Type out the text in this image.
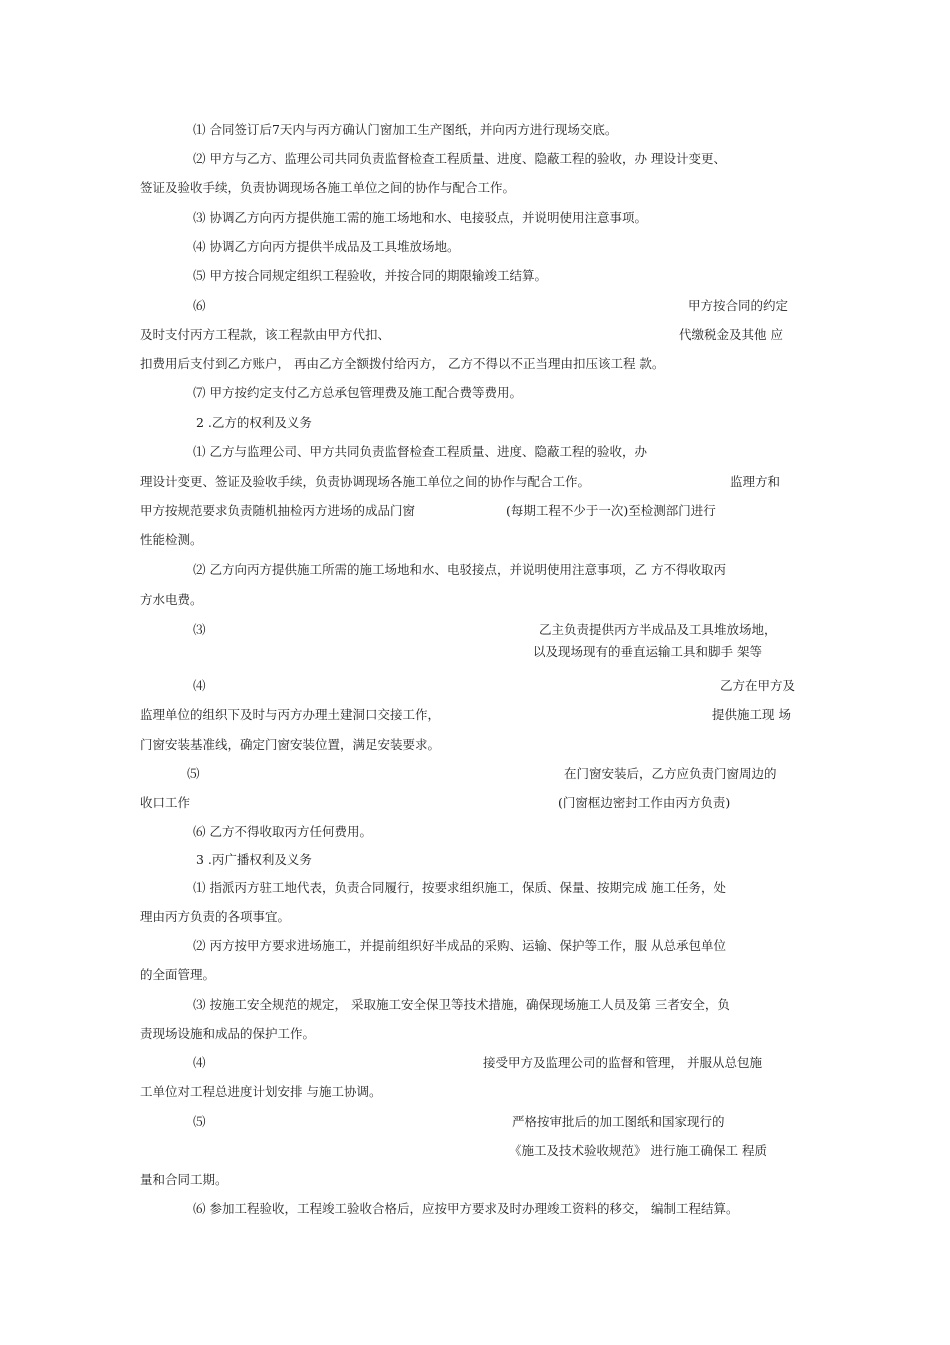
⑴ 合同签订后7天内与丙方确认门窗加工生产图纸，并向丙方进行现场交底。
⑵ 甲方与乙方、监理公司共同负责监督检查工程质量、进度、隐蔽工程的验收，办 理设计变更、
签证及验收手续，负责协调现场各施工单位之间的协作与配合工作。
⑶ 协调乙方向丙方提供施工需的施工场地和水、电接驳点，并说明使用注意事项。
⑷ 协调乙方向丙方提供半成品及工具堆放场地。
⑸ 甲方按合同规定组织工程验收，并按合同的期限输竣工结算。
⑹	甲方按合同的约定
及时支付丙方工程款，该工程款由甲方代扣、	代缴税金及其他 应
扣费用后支付到乙方账户， 再由乙方全额拨付给丙方， 乙方不得以不正当理由扣压该工程 款。
⑺ 甲方按约定支付乙方总承包管理费及施工配合费等费用。
2 .乙方的权利及义务
⑴ 乙方与监理公司、甲方共同负责监督检查工程质量、进度、隐蔽工程的验收，办
理设计变更、签证及验收手续，负责协调现场各施工单位之间的协作与配合工作。	监理方和
甲方按规范要求负责随机抽检丙方进场的成品门窗	(每期工程不少于一次)至检测部门进行
性能检测。
⑵ 乙方向丙方提供施工所需的施工场地和水、电驳接点，并说明使用注意事项，乙 方不得收取丙
方水电费。
⑶	乙主负责提供丙方半成品及工具堆放场地，
以及现场现有的垂直运输工具和脚手 架等
⑷	乙方在甲方及
监理单位的组织下及时与丙方办理土建洞口交接工作，	提供施工现 场
门窗安装基准线，确定门窗安装位置，满足安装要求。
⑸	在门窗安装后，乙方应负责门窗周边的
收口工作	(门窗框边密封工作由丙方负责)
⑹ 乙方不得收取丙方任何费用。
3 .丙广播权利及义务
⑴ 指派丙方驻工地代表，负责合同履行，按要求组织施工，保质、保量、按期完成 施工任务，处
理由丙方负责的各项事宜。
⑵ 丙方按甲方要求进场施工，并提前组织好半成品的采购、运输、保护等工作，服 从总承包单位
的全面管理。
⑶ 按施工安全规范的规定， 采取施工安全保卫等技术措施，确保现场施工人员及第 三者安全，负
责现场设施和成品的保护工作。
⑷	接受甲方及监理公司的监督和管理， 并服从总包施
工单位对工程总进度计划安排 与施工协调。
⑸	严格按审批后的加工图纸和国家现行的
《施工及技术验收规范》 进行施工确保工 程质
量和合同工期。
⑹ 参加工程验收，工程竣工验收合格后，应按甲方要求及时办理竣工资料的移交， 编制工程结算。
